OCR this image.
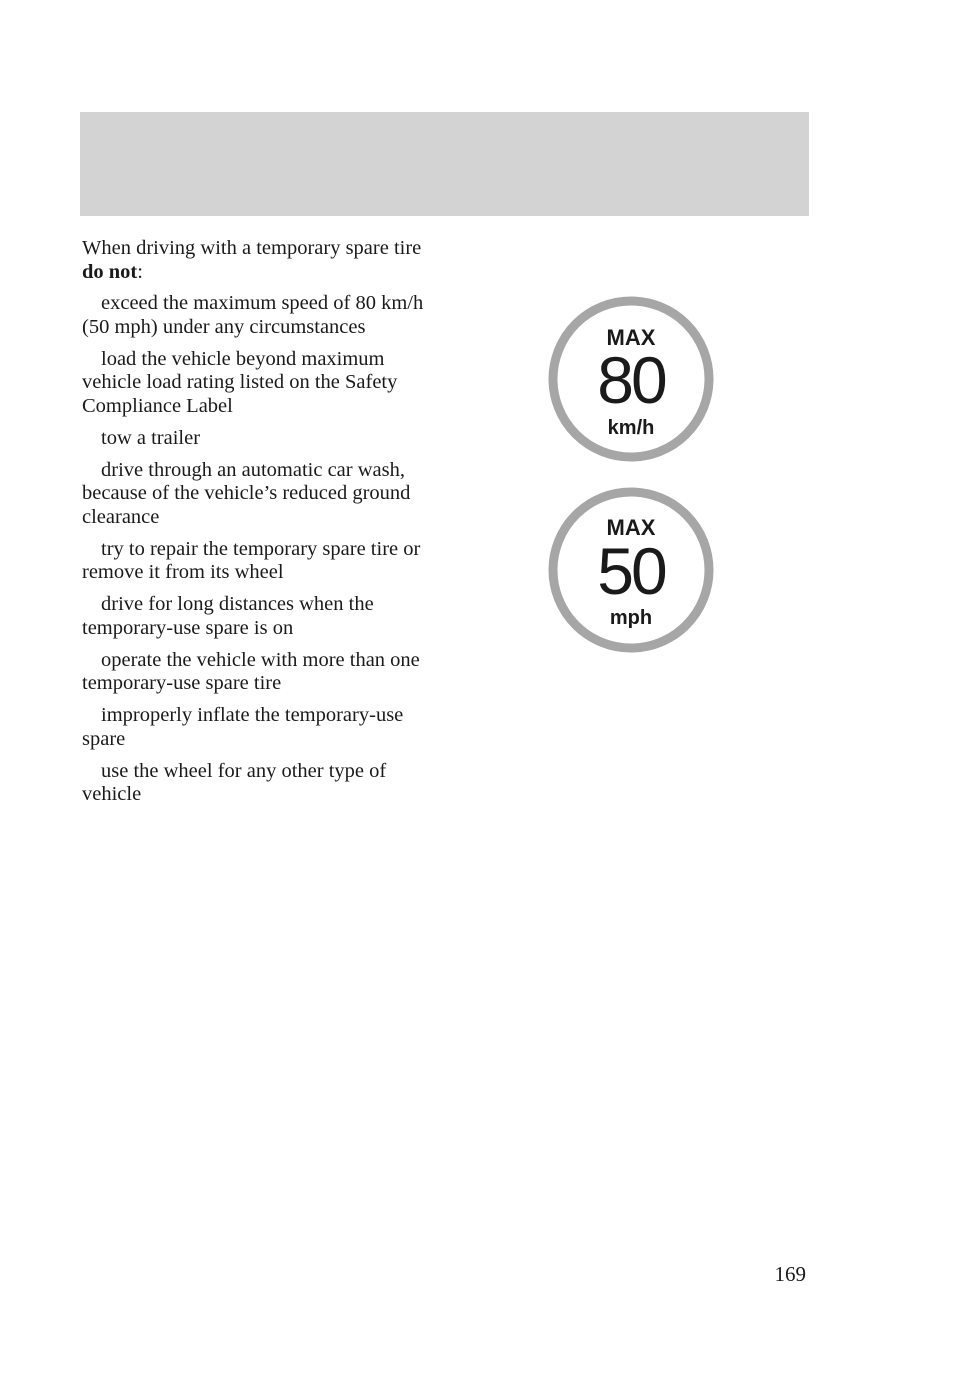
When driving with a temporary spare tire do not:

exceed the maximum speed of 80 km/h (50 mph) under any circumstances

load the vehicle beyond maximum vehicle load rating listed on the Safety Compliance Label

tow a trailer

drive through an automatic car wash, because of the vehicle’s reduced ground clearance

try to repair the temporary spare tire or remove it from its wheel

drive for long distances when the temporary-use spare is on

operate the vehicle with more than one temporary-use spare tire

improperly inflate the temporary-use spare

use the wheel for any other type of vehicle

MAX
80
km/h
MAX
50
mph
169
